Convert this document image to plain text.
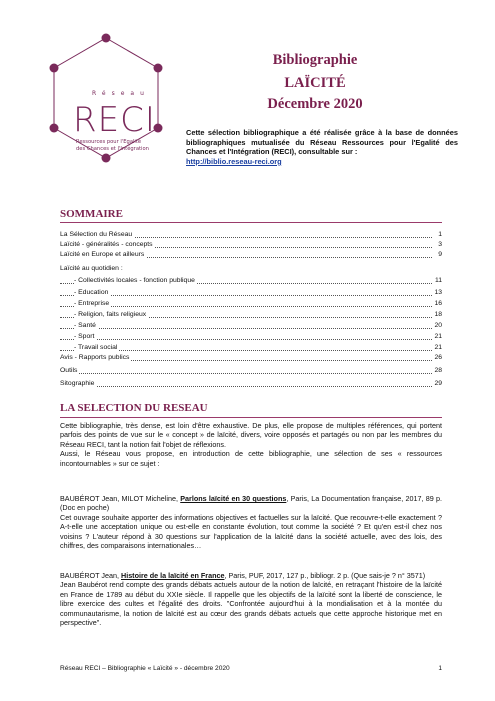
Réseau
RECI
Ressources pour l'Egalité
des Chances et l'Intégration
Bibliographie
LAÏCITÉ
Décembre 2020
Cette sélection bibliographique a été réalisée grâce à la base de données bibliographiques mutualisée du Réseau Ressources pour l'Egalité des Chances et l'Intégration (RECI), consultable sur :
http://biblio.reseau-reci.org
SOMMAIRE
La Sélection du Réseau	1
Laïcité - généralités - concepts	3
Laïcité en Europe et ailleurs	9
Laïcité au quotidien :
- Collectivités locales - fonction publique	11
- Education	13
- Entreprise	16
- Religion, faits religieux	18
- Santé	20
- Sport	21
- Travail social	21
Avis - Rapports publics	26
Outils	28
Sitographie	29
LA SELECTION DU RESEAU
Cette bibliographie, très dense, est loin d'être exhaustive. De plus, elle propose de multiples références, qui portent parfois des points de vue sur le « concept » de laïcité, divers, voire opposés et partagés ou non par les membres du Réseau RECI, tant la notion fait l'objet de réflexions.
Aussi, le Réseau vous propose, en introduction de cette bibliographie, une sélection de ses « ressources incontournables » sur ce sujet :
BAUBÉROT Jean, MILOT Micheline, Parlons laïcité en 30 questions, Paris, La Documentation française, 2017, 89 p. (Doc en poche)
Cet ouvrage souhaite apporter des informations objectives et factuelles sur la laïcité. Que recouvre-t-elle exactement ? A-t-elle une acceptation unique ou est-elle en constante évolution, tout comme la société ? Et qu'en est-il chez nos voisins ? L'auteur répond à 30 questions sur l'application de la laïcité dans la société actuelle, avec des lois, des chiffres, des comparaisons internationales…
BAUBÉROT Jean, Histoire de la laïcité en France, Paris, PUF, 2017, 127 p., bibliogr. 2 p. (Que sais-je ? n° 3571)
Jean Baubérot rend compte des grands débats actuels autour de la notion de laïcité, en retraçant l'histoire de la laïcité en France de 1789 au début du XXIe siècle. Il rappelle que les objectifs de la laïcité sont la liberté de conscience, le libre exercice des cultes et l'égalité des droits. "Confrontée aujourd'hui à la mondialisation et à la montée du communautarisme, la notion de laïcité est au cœur des grands débats actuels que cette approche historique met en perspective".
Réseau RECI – Bibliographie « Laïcité » - décembre 2020	1
